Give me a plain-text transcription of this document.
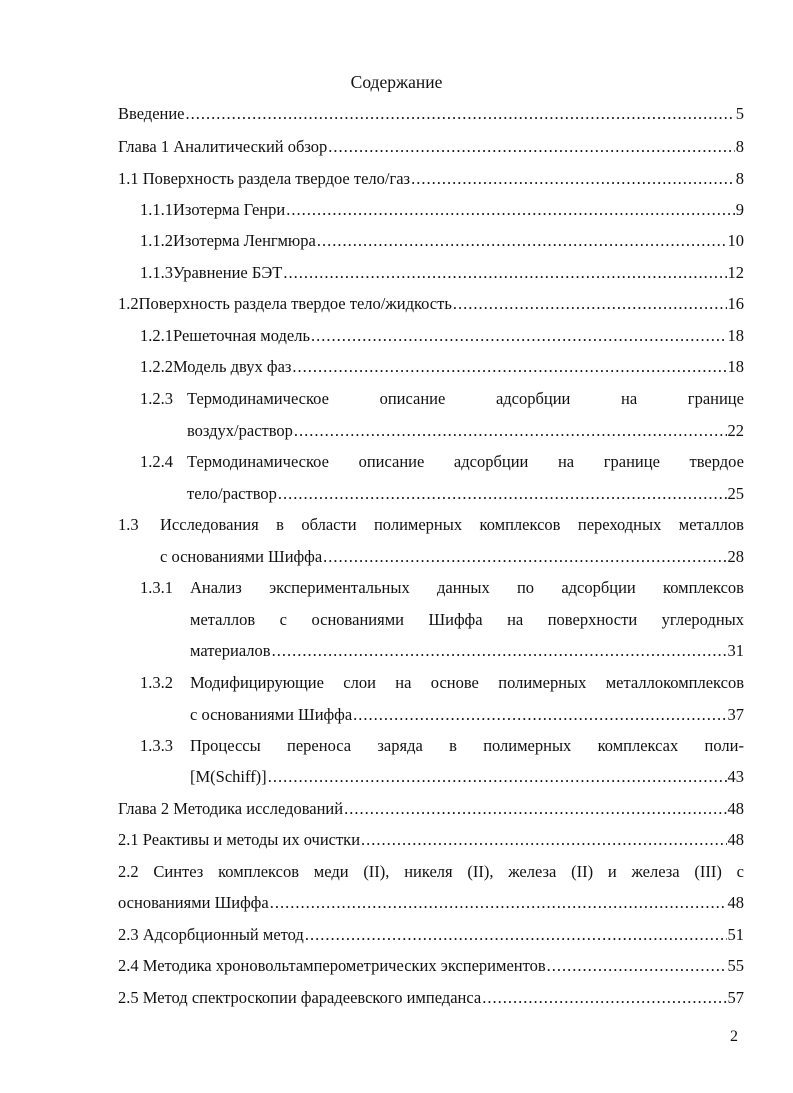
Содержание
Введение .....	5
Глава 1 Аналитический обзор .....	8
1.1 Поверхность раздела твердое тело/газ .....	8
1.1.1 Изотерма Генри .....	9
1.1.2 Изотерма Ленгмюра .....	10
1.1.3 Уравнение БЭТ .....	12
1.2 Поверхность раздела твердое тело/жидкость .....	16
1.2.1 Решеточная модель .....	18
1.2.2 Модель двух фаз .....	18
1.2.3 Термодинамическое	описание	адсорбции	на	границе
воздух/раствор .....	22
1.2.4 Термодинамическое описание адсорбции на границе твердое
тело/раствор .....	25
1.3 Исследования в области полимерных комплексов переходных металлов
с основаниями Шиффа .....	28
1.3.1 Анализ экспериментальных данных по адсорбции комплексов
металлов с основаниями Шиффа на поверхности углеродных
материалов .....	31
1.3.2 Модифицирующие слои на основе полимерных металлокомплексов
с основаниями Шиффа .....	37
1.3.3 Процессы переноса заряда в полимерных комплексах поли-
[M(Schiff)] .....	43
Глава 2 Методика исследований .....	48
2.1 Реактивы и методы их очистки .....	48
2.2 Синтез комплексов меди (II), никеля (II), железа (II) и железа (III) с
основаниями Шиффа .....	48
2.3 Адсорбционный метод .....	51
2.4 Методика хроновольтамперометрических экспериментов .....	55
2.5 Метод спектроскопии фарадеевского импеданса .....	57
2
